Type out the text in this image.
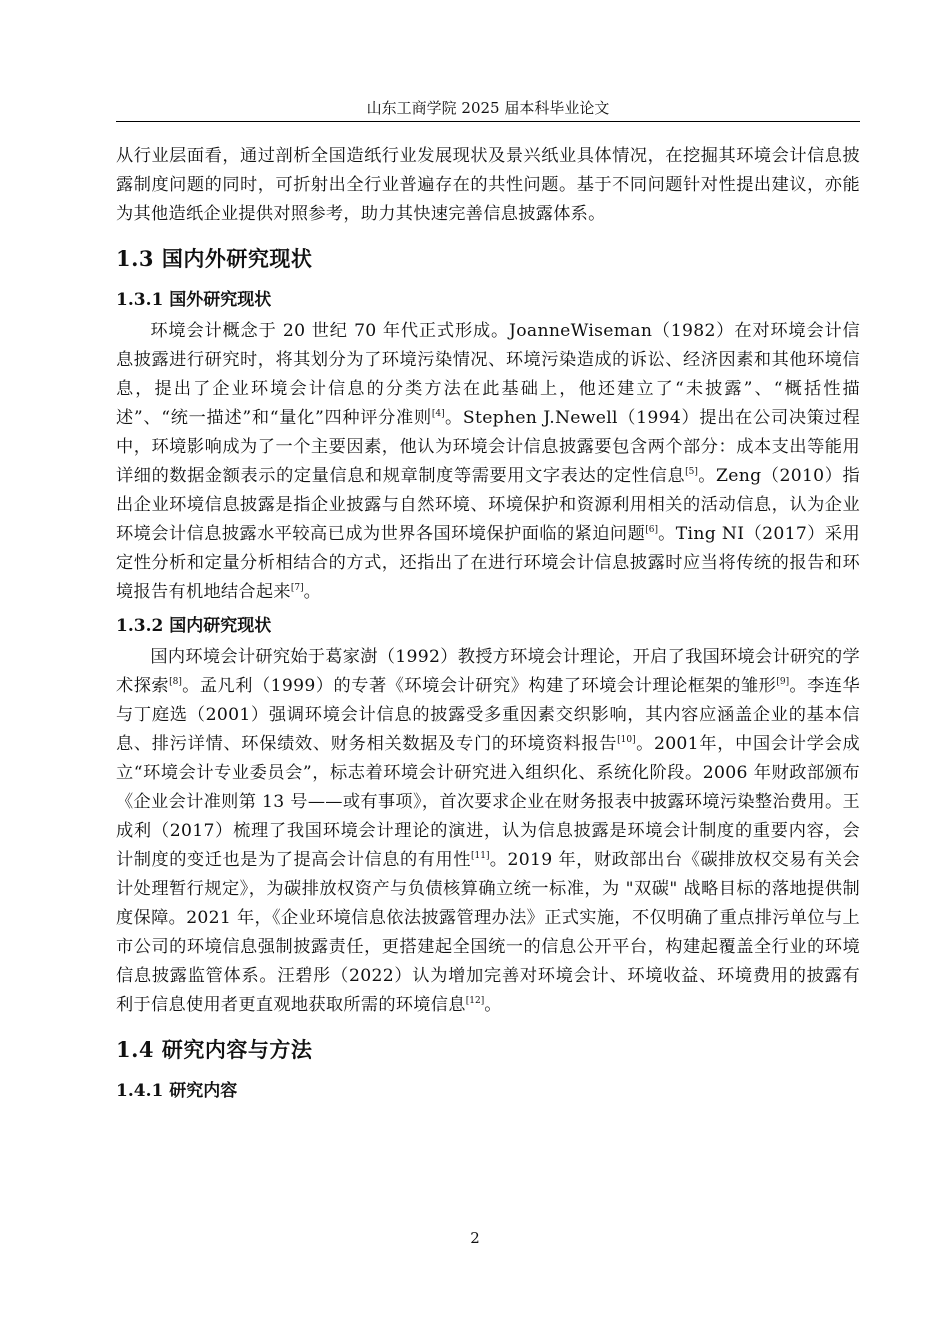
山东工商学院 2025 届本科毕业论文

从行业层面看，通过剖析全国造纸行业发展现状及景兴纸业具体情况，在挖掘其环境会计信息披露制度问题的同时，可折射出全行业普遍存在的共性问题。基于不同问题针对性提出建议，亦能为其他造纸企业提供对照参考，助力其快速完善信息披露体系。

1.3 国内外研究现状
1.3.1 国外研究现状

环境会计概念于 20 世纪 70 年代正式形成。JoanneWiseman（1982）在对环境会计信息披露进行研究时，将其划分为了环境污染情况、环境污染造成的诉讼、经济因素和其他环境信息，提出了企业环境会计信息的分类方法在此基础上，他还建立了“未披露”、“概括性描述”、“统一描述”和“量化”四种评分准则[4]。Stephen J.Newell（1994）提出在公司决策过程中，环境影响成为了一个主要因素，他认为环境会计信息披露要包含两个部分：成本支出等能用详细的数据金额表示的定量信息和规章制度等需要用文字表达的定性信息[5]。Zeng（2010）指出企业环境信息披露是指企业披露与自然环境、环境保护和资源利用相关的活动信息，认为企业环境会计信息披露水平较高已成为世界各国环境保护面临的紧迫问题[6]。Ting NI（2017）采用定性分析和定量分析相结合的方式，还指出了在进行环境会计信息披露时应当将传统的报告和环境报告有机地结合起来[7]。

1.3.2 国内研究现状

国内环境会计研究始于葛家澍（1992）教授方环境会计理论，开启了我国环境会计研究的学术探索[8]。孟凡利（1999）的专著《环境会计研究》构建了环境会计理论框架的雏形[9]。李连华与丁庭选（2001）强调环境会计信息的披露受多重因素交织影响，其内容应涵盖企业的基本信息、排污详情、环保绩效、财务相关数据及专门的环境资料报告[10]。2001年，中国会计学会成立“环境会计专业委员会”，标志着环境会计研究进入组织化、系统化阶段。2006 年财政部颁布《企业会计准则第 13 号——或有事项》，首次要求企业在财务报表中披露环境污染整治费用。王成利（2017）梳理了我国环境会计理论的演进，认为信息披露是环境会计制度的重要内容，会计制度的变迁也是为了提高会计信息的有用性[11]。2019 年，财政部出台《碳排放权交易有关会计处理暂行规定》，为碳排放权资产与负债核算确立统一标准，为 "双碳" 战略目标的落地提供制度保障。2021 年，《企业环境信息依法披露管理办法》正式实施，不仅明确了重点排污单位与上市公司的环境信息强制披露责任，更搭建起全国统一的信息公开平台，构建起覆盖全行业的环境信息披露监管体系。汪碧彤（2022）认为增加完善对环境会计、环境收益、环境费用的披露有利于信息使用者更直观地获取所需的环境信息[12]。

1.4 研究内容与方法
1.4.1 研究内容
2
